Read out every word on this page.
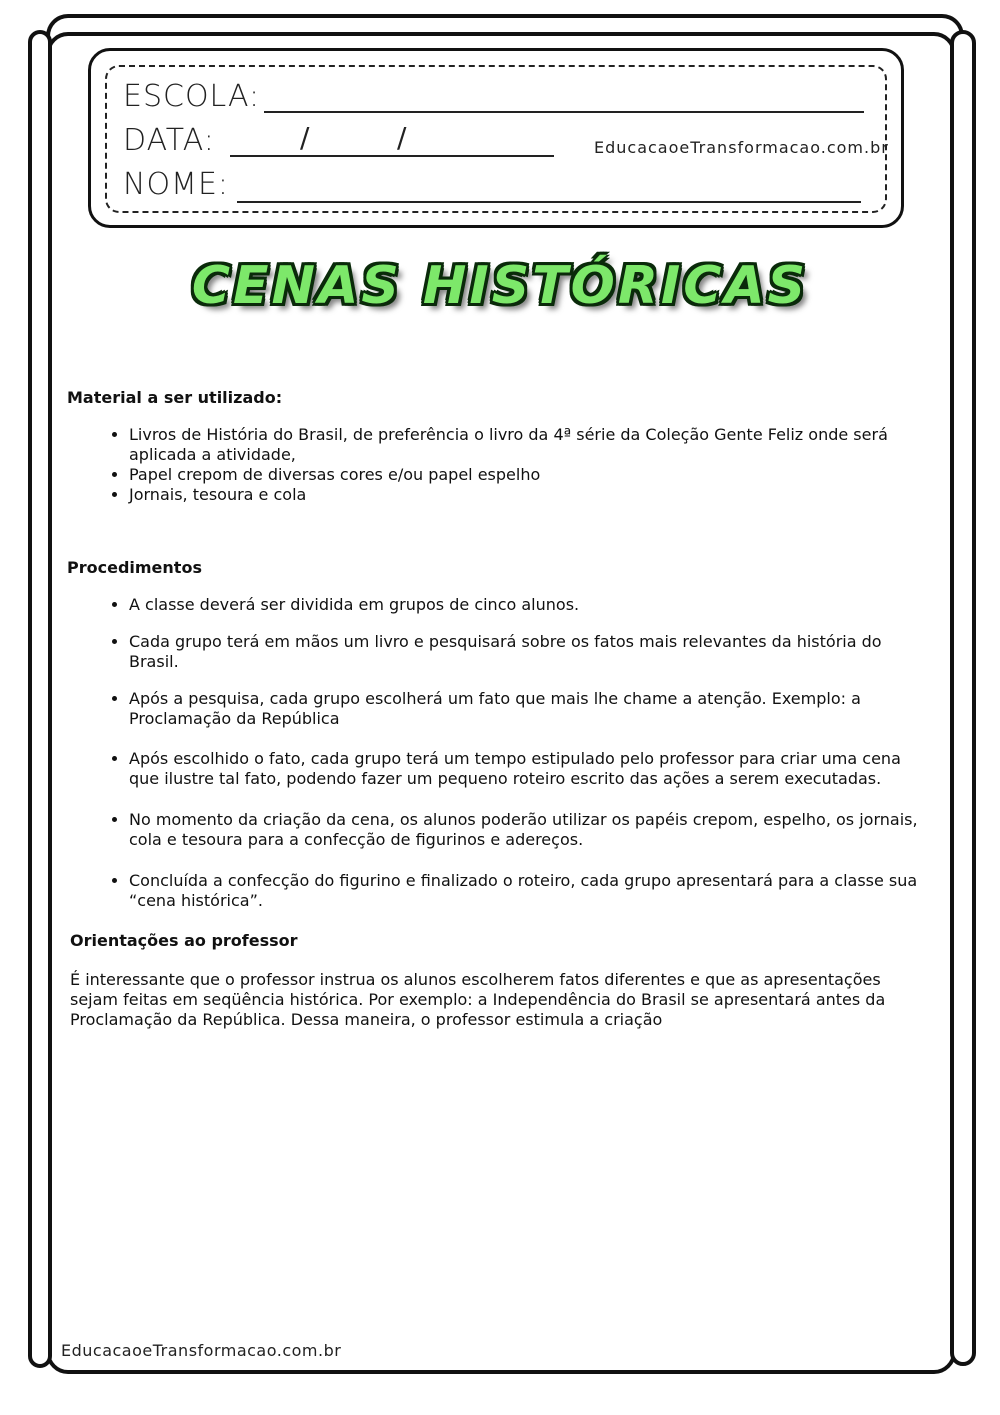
ESCOLA:
DATA:	/	/	EducacaoeTransformacao.com.br
NOME:
CENAS HISTÓRICAS
Material a ser utilizado:
• Livros de História do Brasil, de preferência o livro da 4ª série da Coleção Gente Feliz onde será aplicada a atividade,
• Papel crepom de diversas cores e/ou papel espelho
• Jornais, tesoura e cola
Procedimentos
• A classe deverá ser dividida em grupos de cinco alunos.
• Cada grupo terá em mãos um livro e pesquisará sobre os fatos mais relevantes da história do Brasil.
• Após a pesquisa, cada grupo escolherá um fato que mais lhe chame a atenção. Exemplo: a Proclamação da República
• Após escolhido o fato, cada grupo terá um tempo estipulado pelo professor para criar uma cena que ilustre tal fato, podendo fazer um pequeno roteiro escrito das ações a serem executadas.
• No momento da criação da cena, os alunos poderão utilizar os papéis crepom, espelho, os jornais, cola e tesoura para a confecção de figurinos e adereços.
• Concluída a confecção do figurino e finalizado o roteiro, cada grupo apresentará para a classe sua “cena histórica”.
Orientações ao professor

É interessante que o professor instrua os alunos escolherem fatos diferentes e que as apresentações sejam feitas em seqüência histórica. Por exemplo: a Independência do Brasil se apresentará antes da Proclamação da República. Dessa maneira, o professor estimula a criação

EducacaoeTransformacao.com.br
